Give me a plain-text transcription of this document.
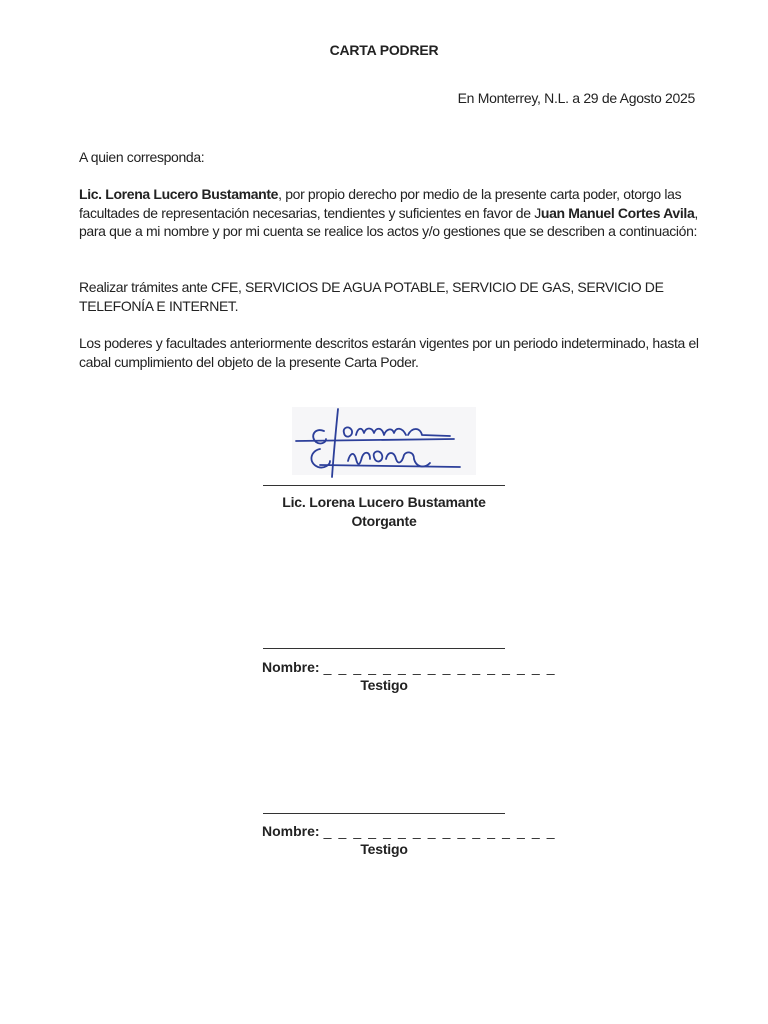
CARTA PODRER
En Monterrey, N.L. a 29 de Agosto 2025
A quien corresponda:
Lic. Lorena Lucero Bustamante, por propio derecho por medio de la presente carta poder, otorgo las facultades de representación necesarias, tendientes y suficientes en favor de Juan Manuel Cortes Avila, para que a mi nombre y por mi cuenta se realice los actos y/o gestiones que se describen a continuación:
Realizar trámites ante CFE, SERVICIOS DE AGUA POTABLE, SERVICIO DE GAS, SERVICIO DE TELEFONÍA E INTERNET.
Los poderes y facultades anteriormente descritos estarán vigentes por un periodo indeterminado, hasta el cabal cumplimiento del objeto de la presente Carta Poder.
Lic. Lorena Lucero Bustamante
Otorgante
Nombre: _ _ _ _ _ _ _ _ _ _ _ _ _ _ _ _
Testigo
Nombre: _ _ _ _ _ _ _ _ _ _ _ _ _ _ _ _
Testigo
